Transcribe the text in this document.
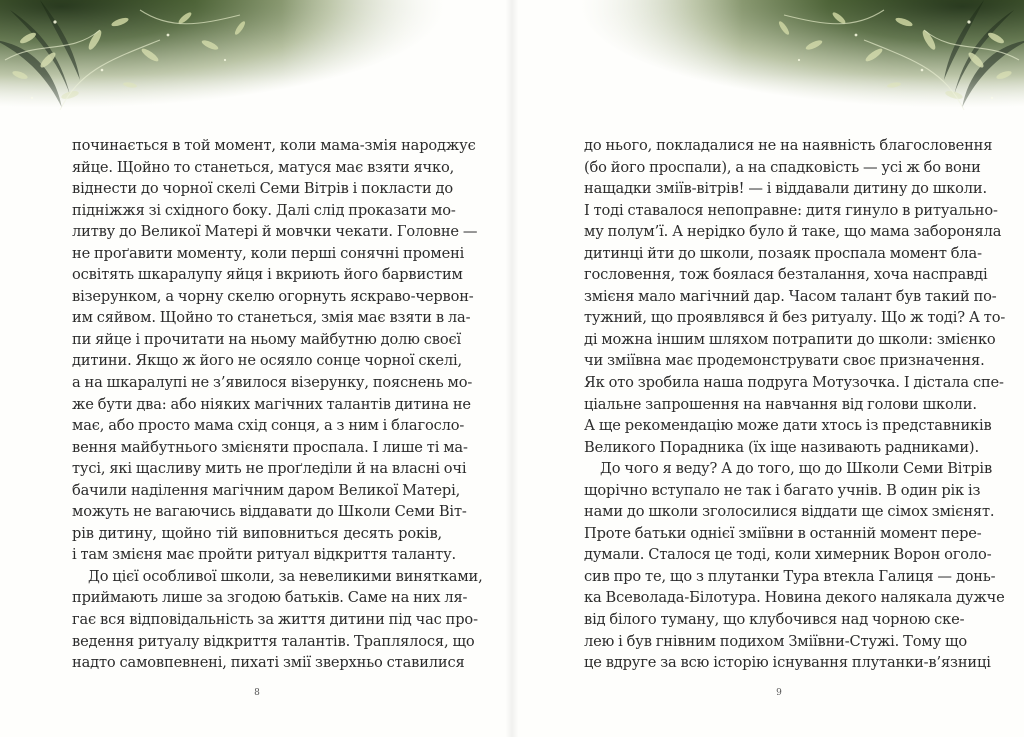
починається в той момент, коли мама-змія народжує
яйце. Щойно то станеться, матуся має взяти ячко,
віднести до чорної скелі Семи Вітрів і покласти до
підніжжя зі східного боку. Далі слід проказати мо-
литву до Великої Матері й мовчки чекати. Головне —
не проґавити моменту, коли перші сонячні промені
освітять шкаралупу яйця і вкриють його барвистим
візерунком, а чорну скелю огорнуть яскраво-червон-
им сяйвом. Щойно то станеться, змія має взяти в ла-
пи яйце і прочитати на ньому майбутню долю своєї
дитини. Якщо ж його не осяяло сонце чорної скелі,
а на шкаралупі не з’явилося візерунку, пояснень мо-
же бути два: або ніяких магічних талантів дитина не
має, або просто мама схід сонця, а з ним і благосло-
вення майбутнього змієняти проспала. І лише ті ма-
тусі, які щасливу мить не проґледіли й на власні очі
бачили наділення магічним даром Великої Матері,
можуть не вагаючись віддавати до Школи Семи Віт-
рів дитину, щойно тій виповниться десять років,
і там змієня має пройти ритуал відкриття таланту.
До цієї особливої школи, за невеликими винятками,
приймають лише за згодою батьків. Саме на них ля-
гає вся відповідальність за життя дитини під час про-
ведення ритуалу відкриття талантів. Траплялося, що
надто самовпевнені, пихаті змії зверхньо ставилися
8
до нього, покладалися не на наявність благословення
(бо його проспали), а на спадковість — усі ж бо вони
нащадки зміїв-вітрів! — і віддавали дитину до школи.
І тоді ставалося непоправне: дитя гинуло в ритуально-
му полум’ї. А нерідко було й таке, що мама забороняла
дитинці йти до школи, позаяк проспала момент бла-
гословення, тож боялася безталання, хоча насправді
змієня мало магічний дар. Часом талант був такий по-
тужний, що проявлявся й без ритуалу. Що ж тоді? А то-
ді можна іншим шляхом потрапити до школи: змієнко
чи зміївна має продемонструвати своє призначення.
Як ото зробила наша подруга Мотузочка. І дістала спе-
ціальне запрошення на навчання від голови школи.
А ще рекомендацію може дати хтось із представників
Великого Порадника (їх іще називають радниками).
До чого я веду? А до того, що до Школи Семи Вітрів
щорічно вступало не так і багато учнів. В один рік із
нами до школи зголосилися віддати ще сімох змієнят.
Проте батьки однієї зміївни в останній момент пере-
думали. Сталося це тоді, коли химерник Ворон оголо-
сив про те, що з плутанки Тура втекла Галиця — донь-
ка Всеволада-Білотура. Новина декого налякала дужче
від білого туману, що клубочився над чорною ске-
лею і був гнівним подихом Зміївни-Стужі. Тому що
це вдруге за всю історію існування плутанки-в’язниці
9
